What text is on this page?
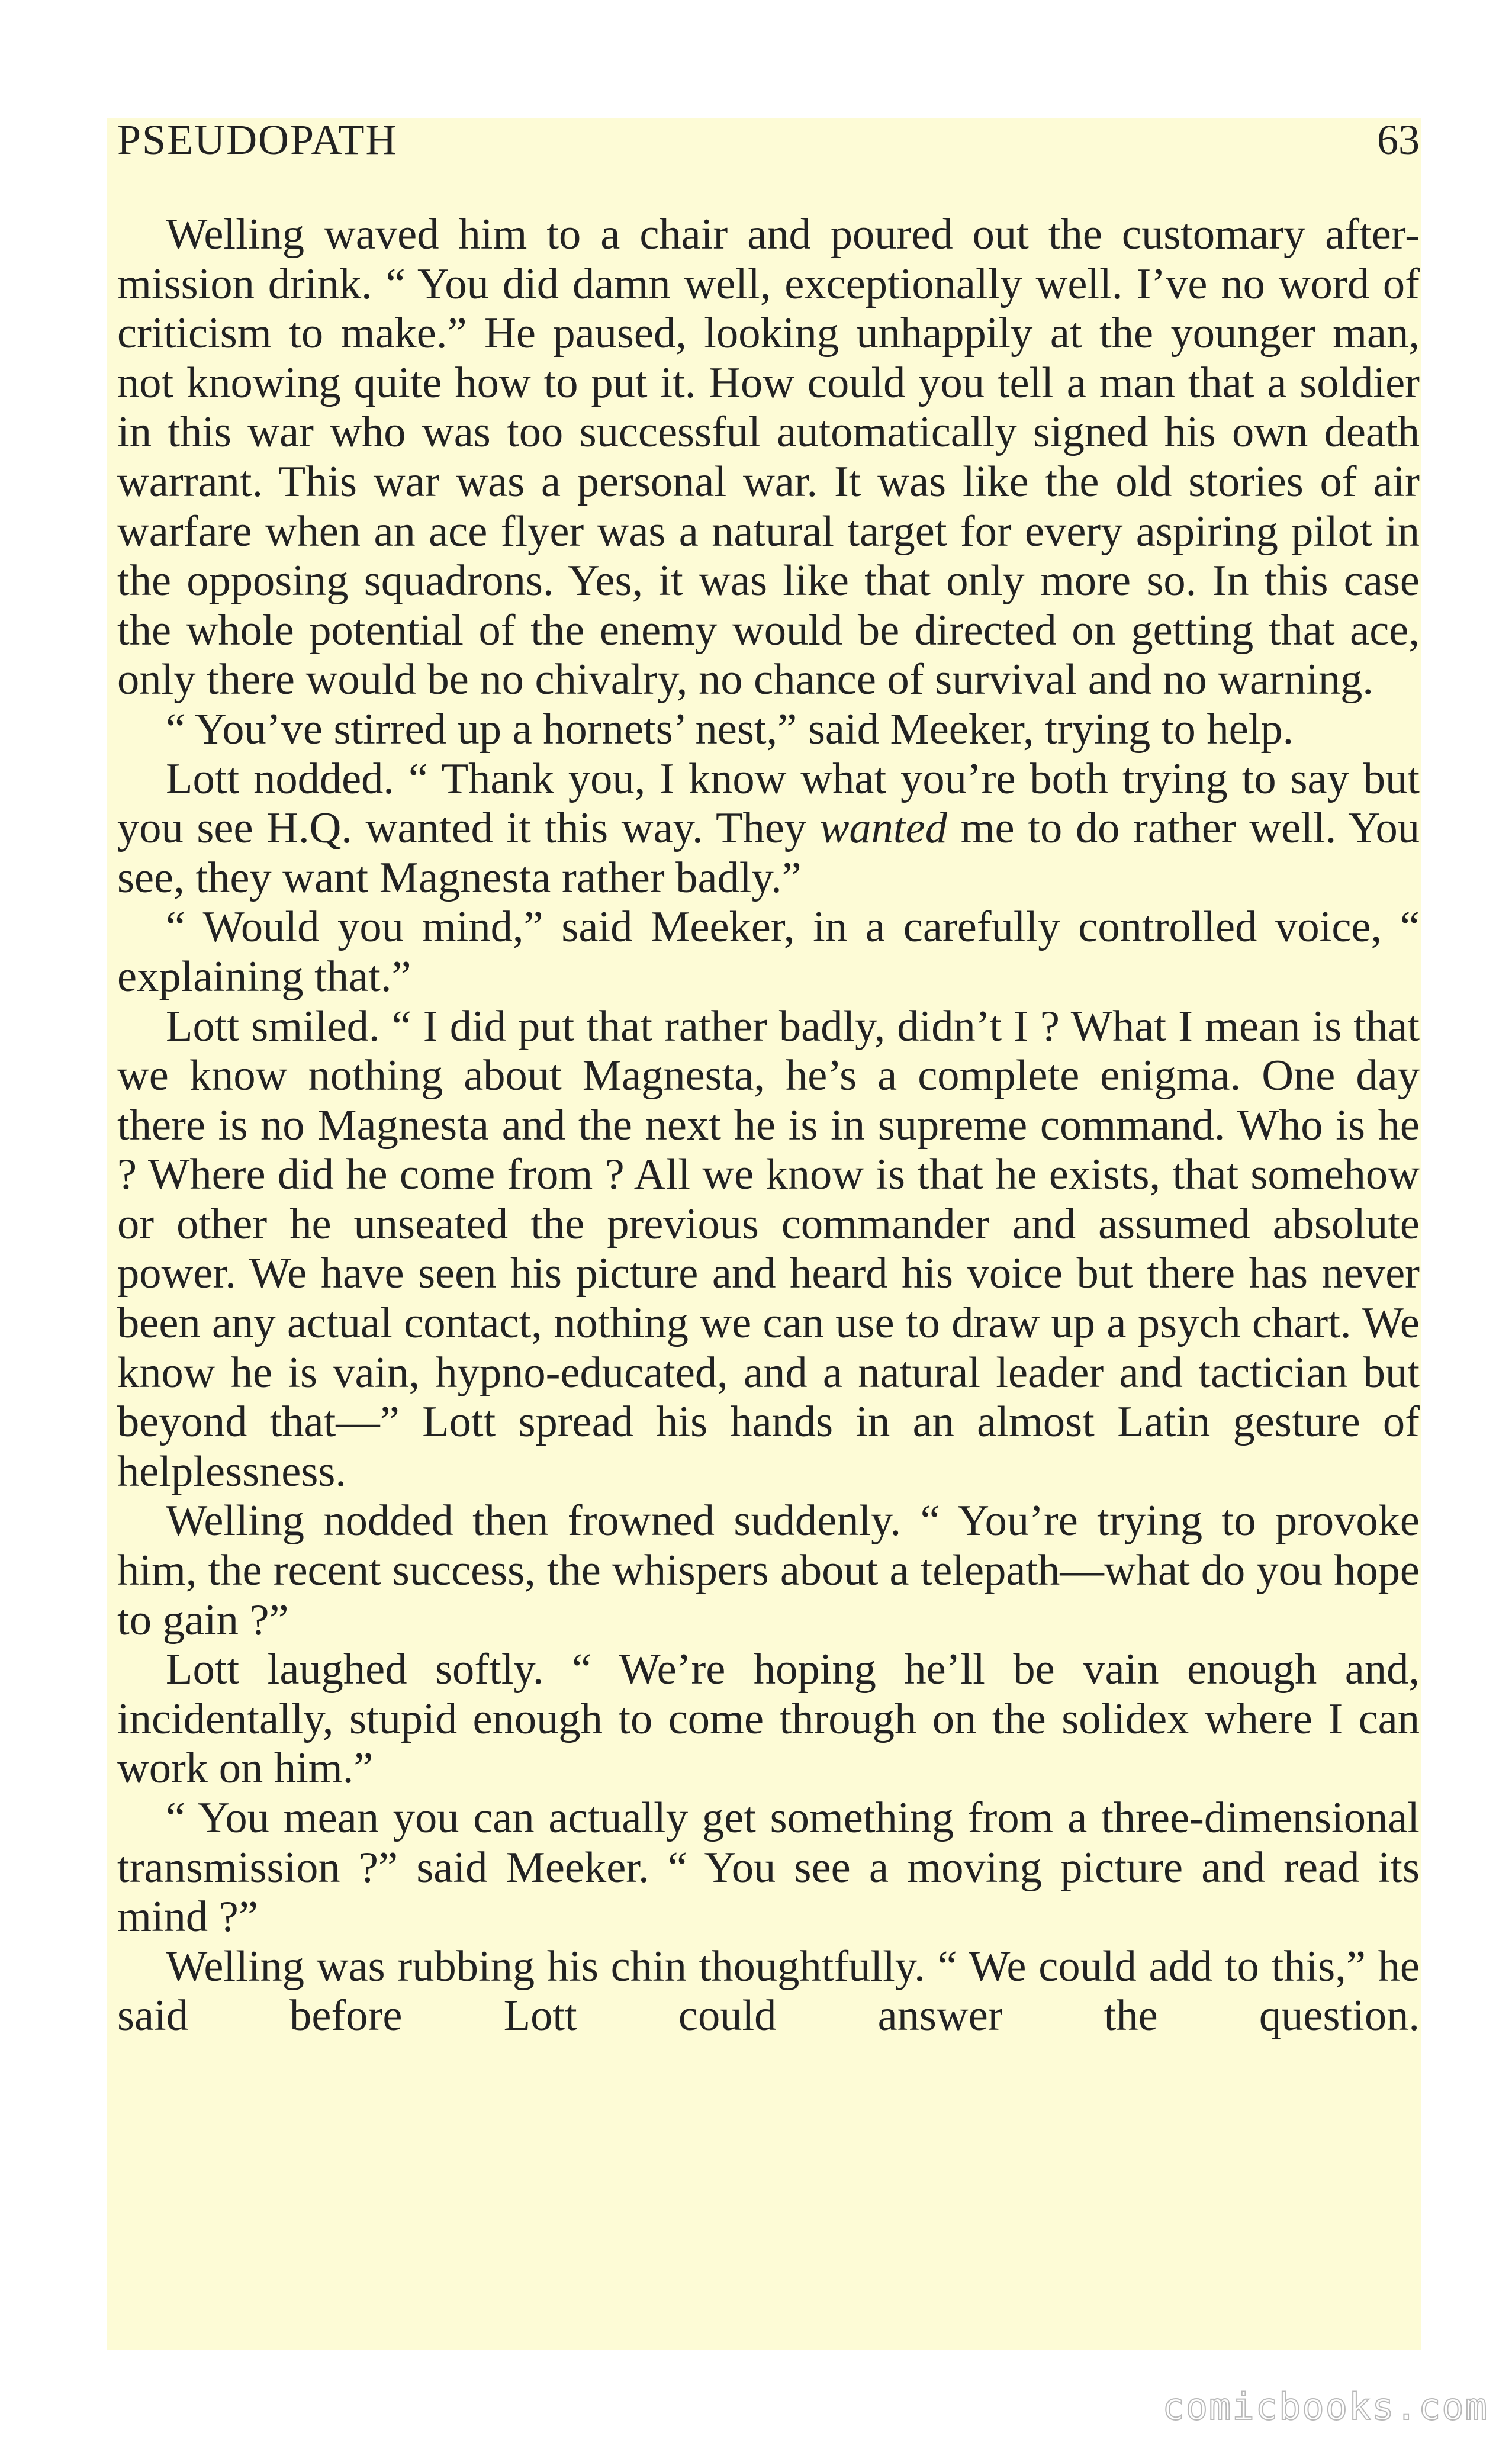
PSEUDOPATH	63

Welling waved him to a chair and poured out the customary after-mission drink. “ You did damn well, exceptionally well. I’ve no word of criticism to make.” He paused, looking unhappily at the younger man, not knowing quite how to put it. How could you tell a man that a soldier in this war who was too successful automatically signed his own death warrant. This war was a personal war. It was like the old stories of air warfare when an ace flyer was a natural target for every aspiring pilot in the opposing squadrons. Yes, it was like that only more so. In this case the whole potential of the enemy would be directed on getting that ace, only there would be no chivalry, no chance of survival and no warning.

“ You’ve stirred up a hornets’ nest,” said Meeker, trying to help.

Lott nodded. “ Thank you, I know what you’re both trying to say but you see H.Q. wanted it this way. They wanted me to do rather well. You see, they want Magnesta rather badly.”

“ Would you mind,” said Meeker, in a carefully controlled voice, “ explaining that.”

Lott smiled. “ I did put that rather badly, didn’t I ? What I mean is that we know nothing about Magnesta, he’s a complete enigma. One day there is no Magnesta and the next he is in supreme command. Who is he ? Where did he come from ? All we know is that he exists, that somehow or other he unseated the previous commander and assumed absolute power. We have seen his picture and heard his voice but there has never been any actual contact, nothing we can use to draw up a psych chart. We know he is vain, hypno-educated, and a natural leader and tactician but beyond that—” Lott spread his hands in an almost Latin gesture of helplessness.

Welling nodded then frowned suddenly. “ You’re trying to provoke him, the recent success, the whispers about a telepath—what do you hope to gain ?”

Lott laughed softly. “ We’re hoping he’ll be vain enough and, incidentally, stupid enough to come through on the solidex where I can work on him.”

“ You mean you can actually get something from a three-dimensional transmission ?” said Meeker. “ You see a moving picture and read its mind ?”

Welling was rubbing his chin thoughtfully. “ We could add to this,” he said before Lott could answer the question.

comicbooks.com
